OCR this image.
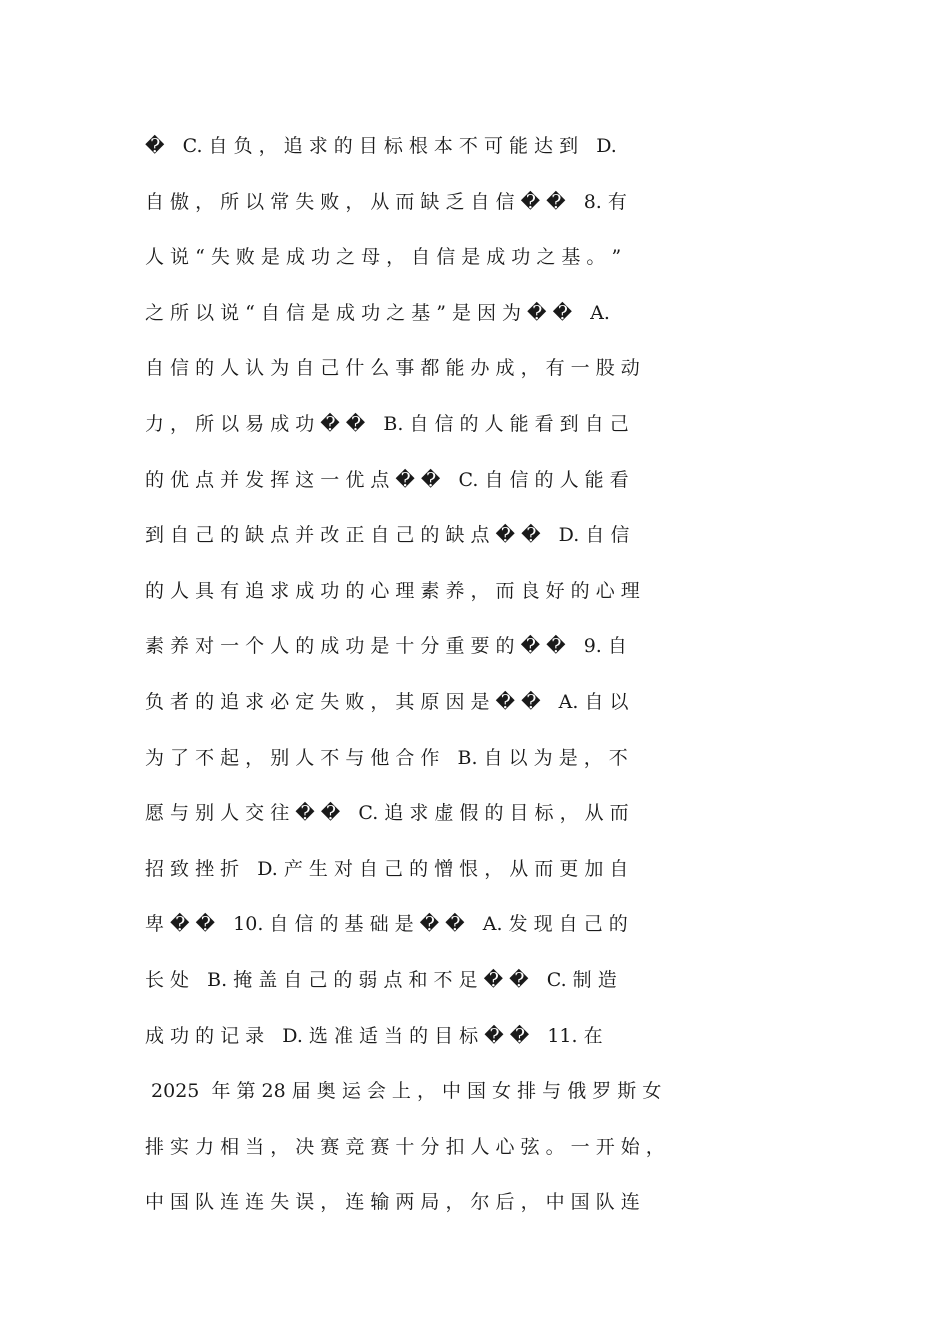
�   C. 自 负 ， 追 求 的 目 标 根 本 不 可 能 达 到   D.
自 傲 ， 所 以 常 失 败 ， 从 而 缺 乏 自 信 � �   8. 有
人 说 “ 失 败 是 成 功 之 母 ， 自 信 是 成 功 之 基 。 ”
之 所 以 说 “ 自 信 是 成 功 之 基 ” 是 因 为 � �   A.
自 信 的 人 认 为 自 己 什 么 事 都 能 办 成 ， 有 一 股 动
力 ， 所 以 易 成 功 � �   B. 自 信 的 人 能 看 到 自 己
的 优 点 并 发 挥 这 一 优 点 � �   C. 自 信 的 人 能 看
到 自 己 的 缺 点 并 改 正 自 己 的 缺 点 � �   D. 自 信
的 人 具 有 追 求 成 功 的 心 理 素 养 ， 而 良 好 的 心 理
素 养 对 一 个 人 的 成 功 是 十 分 重 要 的 � �   9. 自
负 者 的 追 求 必 定 失 败 ， 其 原 因 是 � �   A. 自 以
为 了 不 起 ， 别 人 不 与 他 合 作   B. 自 以 为 是 ， 不
愿 与 别 人 交 往 � �   C. 追 求 虚 假 的 目 标 ， 从 而
招 致 挫 折   D. 产 生 对 自 己 的 憎 恨 ， 从 而 更 加 自
卑 � �   10. 自 信 的 基 础 是 � �   A. 发 现 自 己 的
长 处   B. 掩 盖 自 己 的 弱 点 和 不 足 � �   C. 制 造
成 功 的 记 录   D. 选 准 适 当 的 目 标 � �   11. 在
2025  年 第 28 届 奥 运 会 上 ， 中 国 女 排 与 俄 罗 斯 女
排 实 力 相 当 ， 决 赛 竞 赛 十 分 扣 人 心 弦 。 一 开 始 ，
中 国 队 连 连 失 误 ， 连 输 两 局 ， 尔 后 ， 中 国 队 连
